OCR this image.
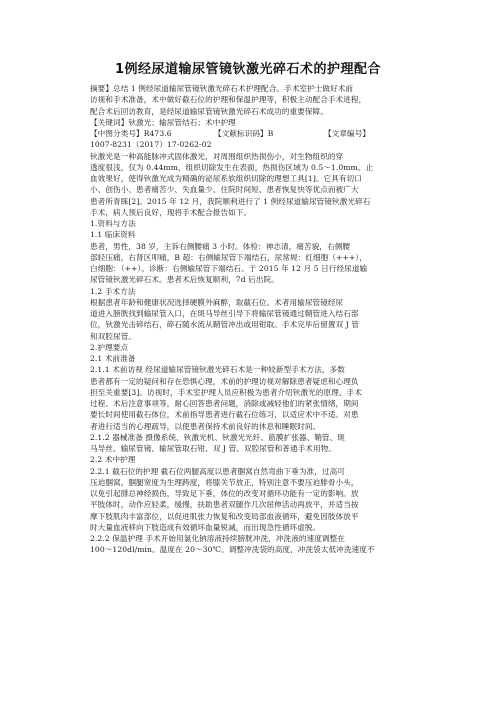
1例经尿道输尿管镜钬激光碎石术的护理配合
摘要】总结 1 例经尿道输尿管镜钬激光碎石术护理配合。手术室护士做好术前
访视和手术准备，术中做好截石位的护理和保温护理等，积极主动配合手术进程，
配合术后回访教育，是经尿道输尿管镜钬激光碎石术成功的重要保障。
【关键词】钬激光；输尿管结石；术中护理
【中图分类号】R473.6	【文献标识码】B	【文章编号】
1007-8231（2017）17-0262-02
钬激光是一种高能脉冲式固体激光，对周围组织热损伤小，对生物组织的穿
透度很浅，仅为 0.44mm，组织切除发生在表面，热损伤区域为 0.5～1.0mm。止
血效果好，使得钬激光成为精确的泌尿系软组织切除的理想工具[1]。它具有切口
小、创伤小、患者痛苦少、失血量少、住院时间短、患者恢复快等优点而被广大
患者所青睐[2]。2015 年 12 月，我院顺利进行了 1 例经尿道输尿管镜钬激光碎石
手术，病人预后良好，现将手术配合报告如下。
1.资料与方法
1.1 临床资料
患者，男性，38 岁，主诉右侧腰痛 3 小时。体检：神志清，痛苦貌，右侧腰
部轻压痛，右肾区叩痛，B 超：右侧输尿管下端结石，尿常规：红细胞（+++），
白细胞：（++）。诊断：右侧输尿管下端结石。于 2015 年 12 月 5 日行经尿道输
尿管镜钬激光碎石术。患者术后恢复顺利，7d 后出院。
1.2 手术方法
根据患者年龄和健康状况选择硬膜外麻醉，取截石位。术者用输尿管镜经尿
道进入膀胱找到输尿管入口，在斑马导丝引导下将输尿管镜通过鞘管进入结石部
位，钬激光击碎结石，碎石随水流从鞘管冲出或用钳取。手术完毕后留置双 J 管
和双腔尿管。
2.护理要点
2.1 术前准备
2.1.1 术前访视 经尿道输尿管镜钬激光碎石术是一种较新型手术方法，多数
患者都有一定的疑问和存在恐惧心理，术前的护理访视对解除患者疑虑和心理负
担至关重要[3]。访视时，手术室护理人员应积极为患者介绍钬激光的原理、手术
过程、术后注意事项等，耐心回答患者问题，消除或减轻他们的紧张情绪，期间
要长时间使用截石体位，术前指导患者进行截石位练习，以适应术中不适。对患
者进行适当的心理疏导，以使患者保持术前良好的休息和睡眠时间。
2.1.2 器械准备 摄像系统、钬激光机、钬激光光纤、筋膜扩张器、鞘管、斑
马导丝、输尿管镜、输尿管取石钳、双 J 管、双腔尿管和普通手术用物。
2.2 术中护理
2.2.1 截石位的护理 截石位两腿高度以患者腘窝自然弯曲下垂为准，过高可
压迫腘窝，腘腿宽度为生理跨度，将膝关节放正，特别注意不要压迫腓骨小头，
以免引起腓总神经损伤，导致足下垂，体位的改变对循环功能有一定的影响。放
平肢体时，动作应轻柔，缓慢，扶助患者双腿作几次屈伸活动再放平，并适当按
摩下肢肌肉丰富部位，以促进肌张力恢复和改变局部血液循环，避免因肢体放平
时大量血液移向下肢造成有效循环血量锐减，而出现急性循环虚脱。
2.2.2 保温护理 手术开始用氯化钠溶液持续膀胱冲洗，冲洗液的速度调整在
100～120dl/min。温度在 20～30℃。调整冲洗袋的高度，冲洗袋太低冲洗速度不
